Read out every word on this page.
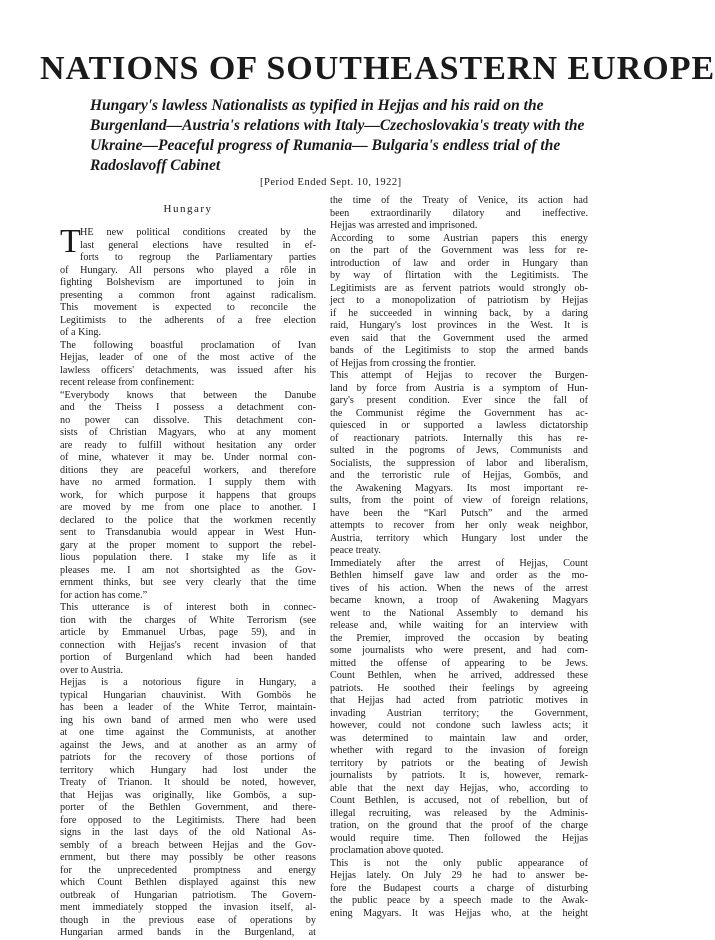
NATIONS OF SOUTHEASTERN EUROPE
Hungary's lawless Nationalists as typified in Hejjas and his raid on the
Burgenland—Austria's relations with Italy—Czechoslovakia's treaty with the
Ukraine—Peaceful progress of Rumania— Bulgaria's endless trial of the
Radoslavoff Cabinet
[Period Ended Sept. 10, 1922]
Hungary
T HE new political conditions created by the
last general elections have resulted in ef-
forts to regroup the Parliamentary parties
of Hungary. All persons who played a rôle in
fighting Bolshevism are importuned to join in
presenting a common front against radicalism.
This movement is expected to reconcile the
Legitimists to the adherents of a free election
of a King.
The following boastful proclamation of Ivan
Hejjas, leader of one of the most active of the
lawless officers' detachments, was issued after his
recent release from confinement:
“Everybody knows that between the Danube
and the Theiss I possess a detachment con-
no power can dissolve. This detachment con-
sists of Christian Magyars, who at any moment
are ready to fulfill without hesitation any order
of mine, whatever it may be. Under normal con-
ditions they are peaceful workers, and therefore
have no armed formation. I supply them with
work, for which purpose it happens that groups
are moved by me from one place to another. I
declared to the police that the workmen recently
sent to Transdanubia would appear in West Hun-
gary at the proper moment to support the rebel-
lious population there. I stake my life as it
pleases me. I am not shortsighted as the Gov-
ernment thinks, but see very clearly that the time
for action has come.”
This utterance is of interest both in connec-
tion with the charges of White Terrorism (see
article by Emmanuel Urbas, page 59), and in
connection with Hejjas's recent invasion of that
portion of Burgenland which had been handed
over to Austria.
Hejjas is a notorious figure in Hungary, a
typical Hungarian chauvinist. With Gombös he
has been a leader of the White Terror, maintain-
ing his own band of armed men who were used
at one time against the Communists, at another
against the Jews, and at another as an army of
patriots for the recovery of those portions of
territory which Hungary had lost under the
Treaty of Trianon. It should be noted, however,
that Hejjas was originally, like Gombös, a sup-
porter of the Bethlen Government, and there-
fore opposed to the Legitimists. There had been
signs in the last days of the old National As-
sembly of a breach between Hejjas and the Gov-
ernment, but there may possibly be other reasons
for the unprecedented promptness and energy
which Count Bethlen displayed against this new
outbreak of Hungarian patriotism. The Govern-
ment immediately stopped the invasion itself, al-
though in the previous ease of operations by
Hungarian armed bands in the Burgenland, at
the time of the Treaty of Venice, its action had
been extraordinarily dilatory and ineffective.
Hejjas was arrested and imprisoned.
According to some Austrian papers this energy
on the part of the Government was less for re-
introduction of law and order in Hungary than
by way of flirtation with the Legitimists. The
Legitimists are as fervent patriots would strongly ob-
ject to a monopolization of patriotism by Hejjas
if he succeeded in winning back, by a daring
raid, Hungary's lost provinces in the West. It is
even said that the Government used the armed
bands of the Legitimists to stop the armed bands
of Hejjas from crossing the frontier.
This attempt of Hejjas to recover the Burgen-
land by force from Austria is a symptom of Hun-
gary's present condition. Ever since the fall of
the Communist régime the Government has ac-
quiesced in or supported a lawless dictatorship
of reactionary patriots. Internally this has re-
sulted in the pogroms of Jews, Communists and
Socialists, the suppression of labor and liberalism,
and the terroristic rule of Hejjas, Gombös, and
the Awakening Magyars. Its most important re-
sults, from the point of view of foreign relations,
have been the “Karl Putsch” and the armed
attempts to recover from her only weak neighbor,
Austria, territory which Hungary lost under the
peace treaty.
Immediately after the arrest of Hejjas, Count
Bethlen himself gave law and order as the mo-
tives of his action. When the news of the arrest
became known, a troop of Awakening Magyars
went to the National Assembly to demand his
release and, while waiting for an interview with
the Premier, improved the occasion by beating
some journalists who were present, and had com-
mitted the offense of appearing to be Jews.
Count Bethlen, when he arrived, addressed these
patriots. He soothed their feelings by agreeing
that Hejjas had acted from patriotic motives in
invading Austrian territory; the Government,
however, could not condone such lawless acts; it
was determined to maintain law and order,
whether with regard to the invasion of foreign
territory by patriots or the beating of Jewish
journalists by patriots. It is, however, remark-
able that the next day Hejjas, who, according to
Count Bethlen, is accused, not of rebellion, but of
illegal recruiting, was released by the Adminis-
tration, on the ground that the proof of the charge
would require time. Then followed the Hejjas
proclamation above quoted.
This is not the only public appearance of
Hejjas lately. On July 29 he had to answer be-
fore the Budapest courts a charge of disturbing
the public peace by a speech made to the Awak-
ening Magyars. It was Hejjas who, at the height
